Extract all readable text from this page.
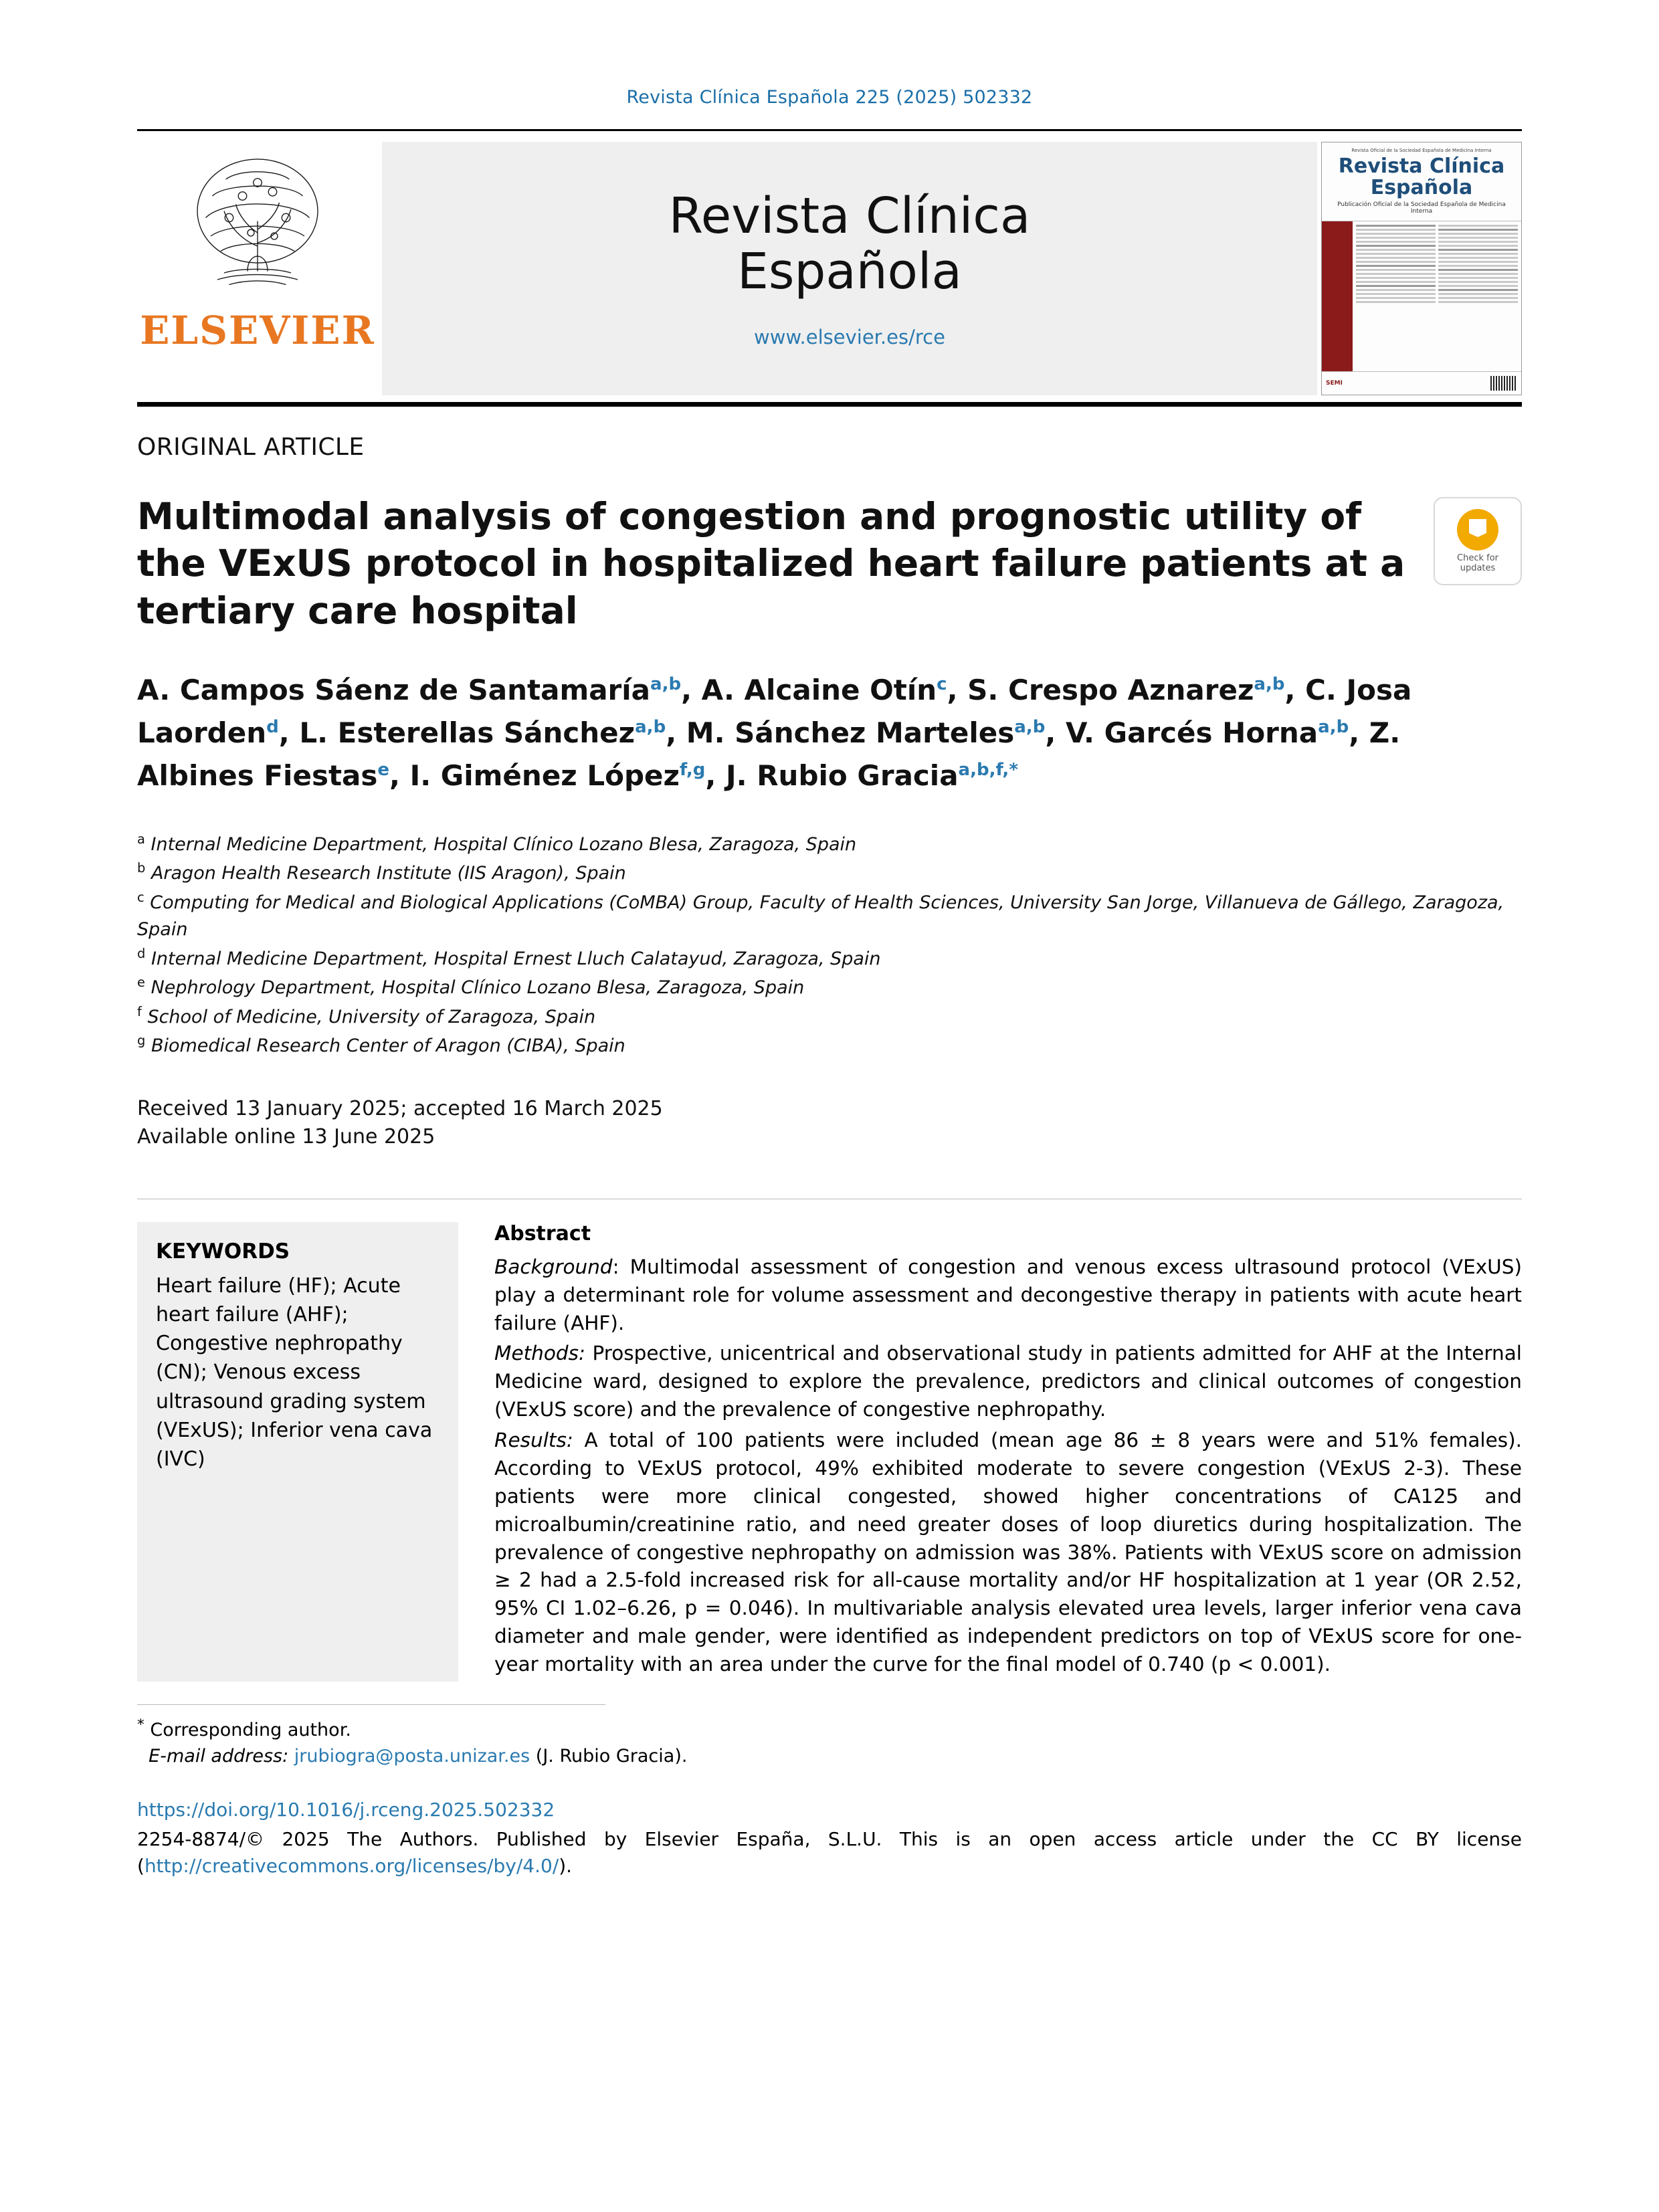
Revista Clínica Española 225 (2025) 502332
ELSEVIER
Revista Clínica
Española
www.elsevier.es/rce
Revista Oficial de la Sociedad Española de Medicina Interna
Revista Clínica
Española
Publicación Oficial de la Sociedad Española de Medicina Interna
SEMI
ORIGINAL ARTICLE
Multimodal analysis of congestion and prognostic utility of the VExUS protocol in hospitalized heart failure patients at a tertiary care hospital
Check for
updates
A. Campos Sáenz de Santamaría$^{a,b}$, A. Alcaine Otín$^c$, S. Crespo Aznarez$^{a,b}$, C. Josa Laorden$^d$, L. Esterellas Sánchez$^{a,b}$, M. Sánchez Marteles$^{a,b}$, V. Garcés Horna$^{a,b}$, Z. Albines Fiestas$^e$, I. Giménez López$^{f,g}$, J. Rubio Gracia$^{a,b,f,*}$
$^a$ Internal Medicine Department, Hospital Clínico Lozano Blesa, Zaragoza, Spain
$^b$ Aragon Health Research Institute (IIS Aragon), Spain
$^c$ Computing for Medical and Biological Applications (CoMBA) Group, Faculty of Health Sciences, University San Jorge, Villanueva de Gállego, Zaragoza, Spain
$^d$ Internal Medicine Department, Hospital Ernest Lluch Calatayud, Zaragoza, Spain
$^e$ Nephrology Department, Hospital Clínico Lozano Blesa, Zaragoza, Spain
$^f$ School of Medicine, University of Zaragoza, Spain
$^g$ Biomedical Research Center of Aragon (CIBA), Spain
Received 13 January 2025; accepted 16 March 2025
Available online 13 June 2025
KEYWORDS
Heart failure (HF); Acute heart failure (AHF); Congestive nephropathy (CN); Venous excess ultrasound grading system (VExUS); Inferior vena cava (IVC)
Abstract

Background: Multimodal assessment of congestion and venous excess ultrasound protocol (VExUS) play a determinant role for volume assessment and decongestive therapy in patients with acute heart failure (AHF).

Methods: Prospective, unicentrical and observational study in patients admitted for AHF at the Internal Medicine ward, designed to explore the prevalence, predictors and clinical outcomes of congestion (VExUS score) and the prevalence of congestive nephropathy.

Results: A total of 100 patients were included (mean age 86 ± 8 years were and 51% females). According to VExUS protocol, 49% exhibited moderate to severe congestion (VExUS 2-3). These patients were more clinical congested, showed higher concentrations of CA125 and microalbumin/creatinine ratio, and need greater doses of loop diuretics during hospitalization. The prevalence of congestive nephropathy on admission was 38%. Patients with VExUS score on admission ≥ 2 had a 2.5-fold increased risk for all-cause mortality and/or HF hospitalization at 1 year (OR 2.52, 95% CI 1.02–6.26, p = 0.046). In multivariable analysis elevated urea levels, larger inferior vena cava diameter and male gender, were identified as independent predictors on top of VExUS score for one-year mortality with an area under the curve for the final model of 0.740 (p < 0.001).

* Corresponding author.
E-mail address: jrubiogra@posta.unizar.es (J. Rubio Gracia).
https://doi.org/10.1016/j.rceng.2025.502332
2254-8874/© 2025 The Authors. Published by Elsevier España, S.L.U. This is an open access article under the CC BY license (http://creativecommons.org/licenses/by/4.0/).
